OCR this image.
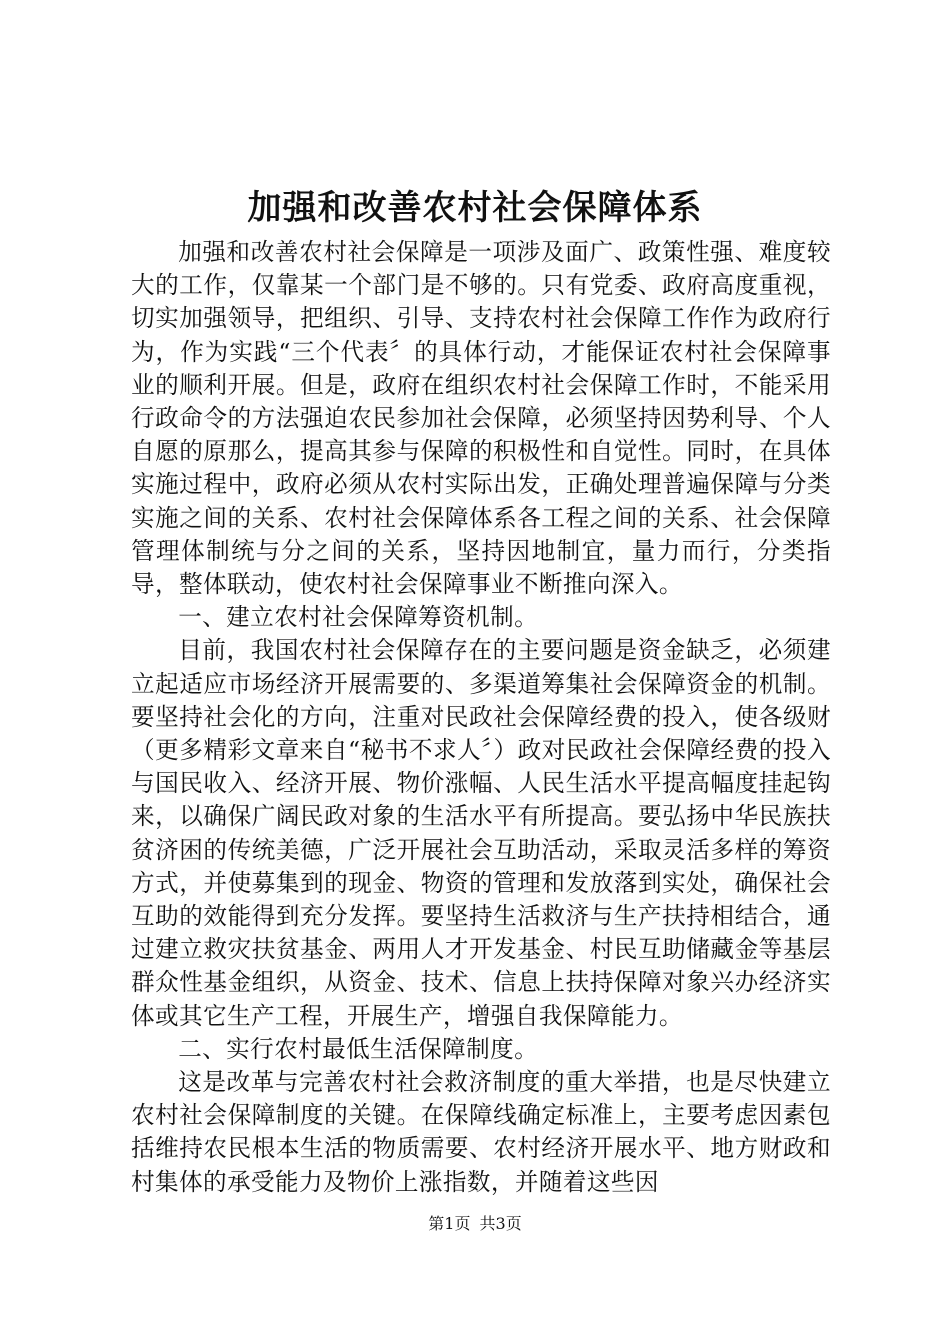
加强和改善农村社会保障体系

加强和改善农村社会保障是一项涉及面广、政策性强、难度较大的工作，仅靠某一个部门是不够的。只有党委、政府高度重视，切实加强领导，把组织、引导、支持农村社会保障工作作为政府行为，作为实践“三个代表〞的具体行动，才能保证农村社会保障事业的顺利开展。但是，政府在组织农村社会保障工作时，不能采用行政命令的方法强迫农民参加社会保障，必须坚持因势利导、个人自愿的原那么，提高其参与保障的积极性和自觉性。同时，在具体实施过程中，政府必须从农村实际出发，正确处理普遍保障与分类实施之间的关系、农村社会保障体系各工程之间的关系、社会保障管理体制统与分之间的关系，坚持因地制宜，量力而行，分类指导，整体联动，使农村社会保障事业不断推向深入。

一、建立农村社会保障筹资机制。

目前，我国农村社会保障存在的主要问题是资金缺乏，必须建立起适应市场经济开展需要的、多渠道筹集社会保障资金的机制。要坚持社会化的方向，注重对民政社会保障经费的投入，使各级财（更多精彩文章来自“秘书不求人〞）政对民政社会保障经费的投入与国民收入、经济开展、物价涨幅、人民生活水平提高幅度挂起钩来，以确保广阔民政对象的生活水平有所提高。要弘扬中华民族扶贫济困的传统美德，广泛开展社会互助活动，采取灵活多样的筹资方式，并使募集到的现金、物资的管理和发放落到实处，确保社会互助的效能得到充分发挥。要坚持生活救济与生产扶持相结合，通过建立救灾扶贫基金、两用人才开发基金、村民互助储藏金等基层群众性基金组织，从资金、技术、信息上扶持保障对象兴办经济实体或其它生产工程，开展生产，增强自我保障能力。

二、实行农村最低生活保障制度。

这是改革与完善农村社会救济制度的重大举措，也是尽快建立农村社会保障制度的关键。在保障线确定标准上，主要考虑因素包括维持农民根本生活的物质需要、农村经济开展水平、地方财政和村集体的承受能力及物价上涨指数，并随着这些因

第1页 共3页
